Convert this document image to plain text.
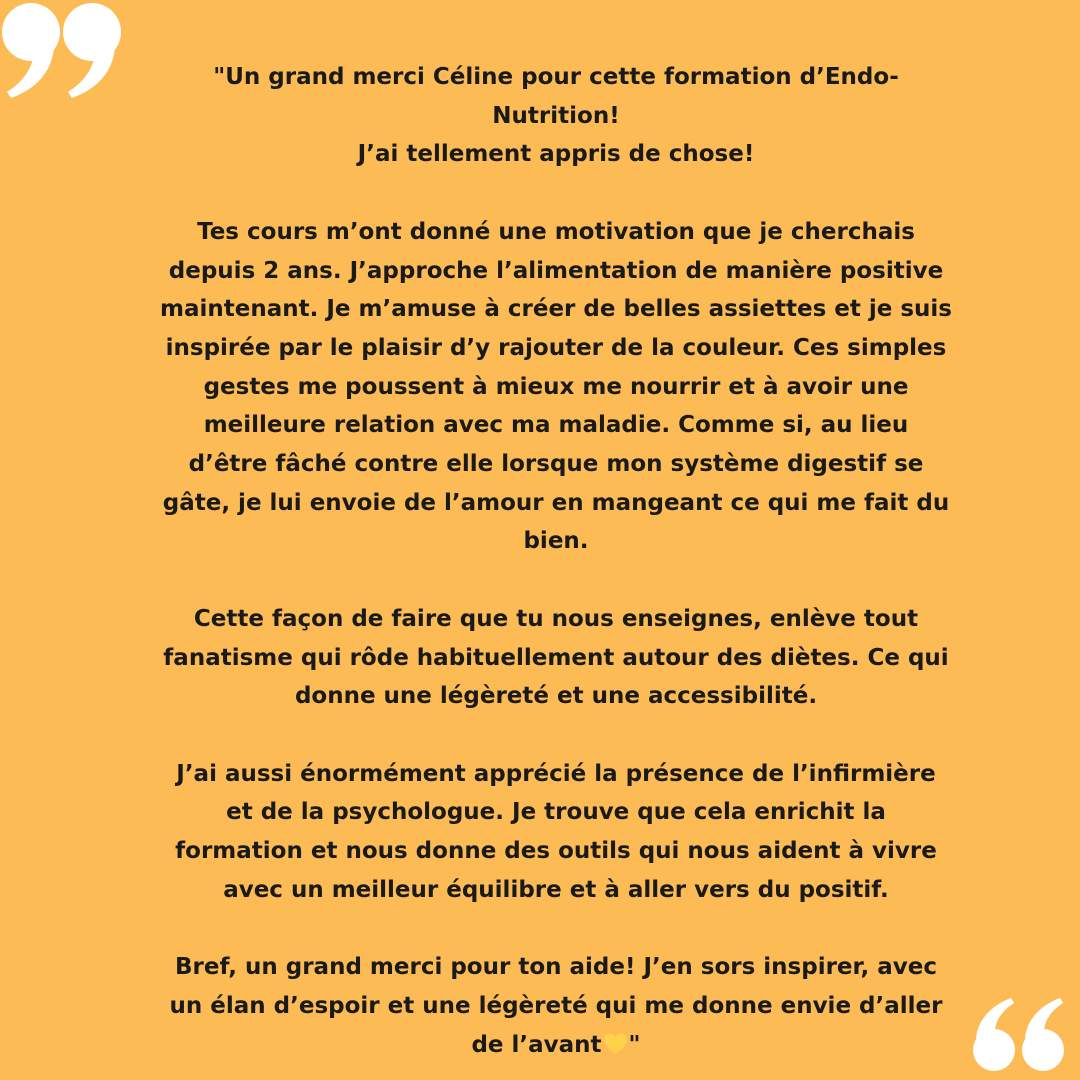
"Un grand merci Céline pour cette formation d’Endo-
Nutrition!
J’ai tellement appris de chose!

Tes cours m’ont donné une motivation que je cherchais
depuis 2 ans. J’approche l’alimentation de manière positive
maintenant. Je m’amuse à créer de belles assiettes et je suis
inspirée par le plaisir d’y rajouter de la couleur. Ces simples
gestes me poussent à mieux me nourrir et à avoir une
meilleure relation avec ma maladie. Comme si, au lieu
d’être fâché contre elle lorsque mon système digestif se
gâte, je lui envoie de l’amour en mangeant ce qui me fait du
bien.

Cette façon de faire que tu nous enseignes, enlève tout
fanatisme qui rôde habituellement autour des diètes. Ce qui
donne une légèreté et une accessibilité.

J’ai aussi énormément apprécié la présence de l’infirmière
et de la psychologue. Je trouve que cela enrichit la
formation et nous donne des outils qui nous aident à vivre
avec un meilleur équilibre et à aller vers du positif.

Bref, un grand merci pour ton aide! J’en sors inspirer, avec
un élan d’espoir et une légèreté qui me donne envie d’aller
de l’avant "
